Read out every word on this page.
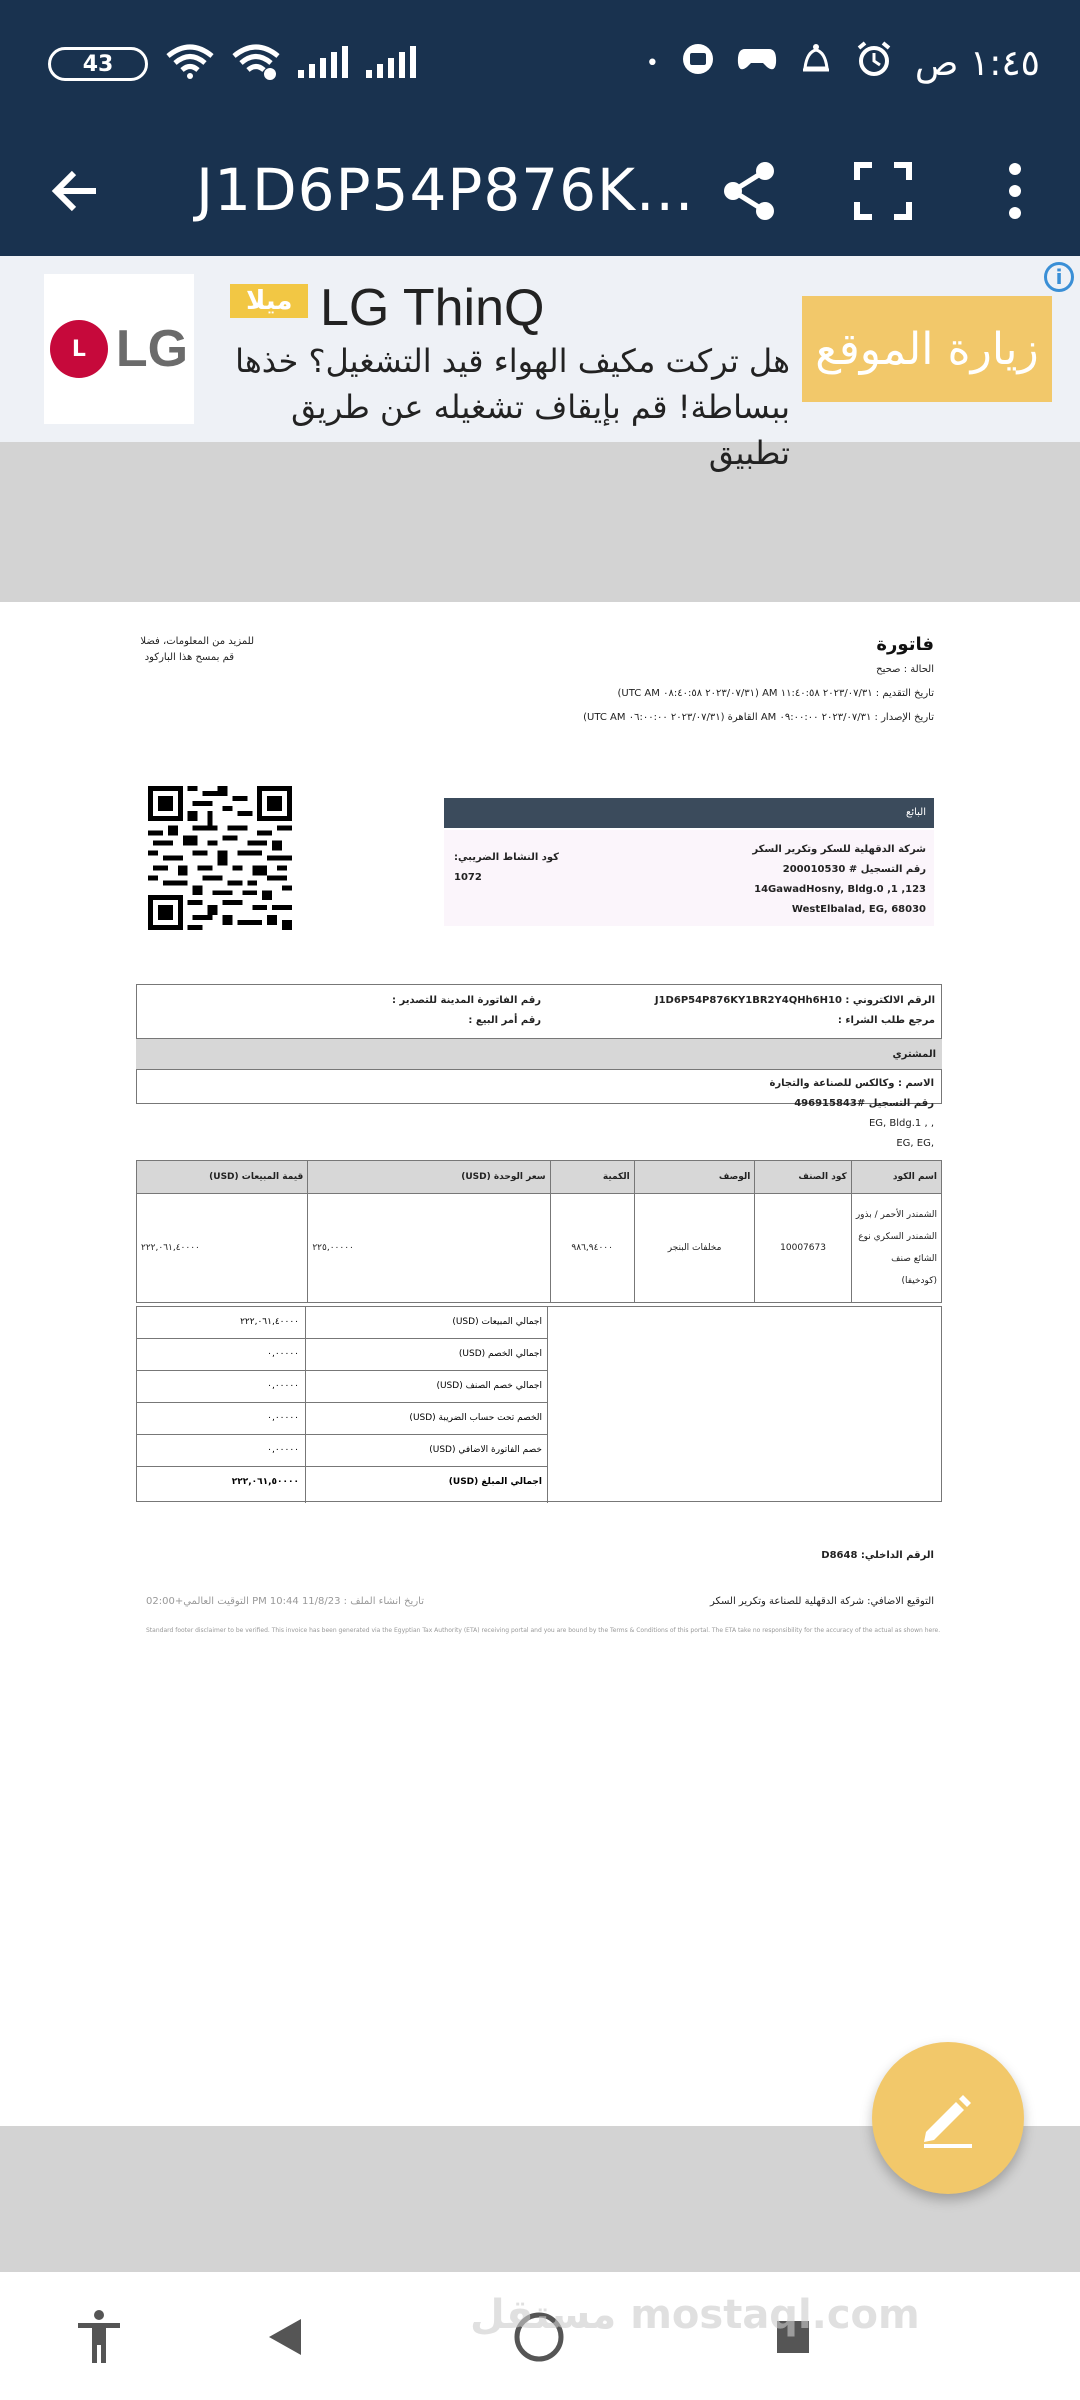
43	•	١:٤٥ ص
J1D6P54P876K...
L LG
ميلا LG ThinQ
هل تركت مكيف الهواء قيد التشغيل؟ خذها
ببساطة! قم بإيقاف تشغيله عن طريق تطبيق
زيارة الموقع
i
فاتورة
الحالة : صحيح
تاريخ التقديم : ٢٠٢٣/٠٧/٣١ ١١:٤٠:٥٨ AM (٢٠٢٣/٠٧/٣١ ٠٨:٤٠:٥٨ UTC AM)
تاريخ الإصدار : ٢٠٢٣/٠٧/٣١ ٠٩:٠٠:٠٠ AM القاهرة (٢٠٢٣/٠٧/٣١ ٠٦:٠٠:٠٠ UTC AM)
للمزيد من المعلومات، فضلا
قم بمسح هذا الباركود
البائع
شركة الدقهلية للسكر وتكرير السكر
رقم التسجيل # 200010530
14GawadHosny, Bldg.0 ,1 ,123
WestElbalad, EG, 68030
كود النشاط الضريبي:
1072
الرقم الالكتروني : J1D6P54P876KY1BR2Y4QHh6H10
مرجع طلب الشراء :
رقم الفاتورة المدينة للتصدير :
رقم أمر البيع :
المشتري
الاسم : وكالكس للصناعة والتجارة
رقم التسجيل #496915843
EG, Bldg.1 , ,
EG, EG,
قيمة المبيعات (USD)	سعر الوحدة (USD)	الكمية	الوصف	كود الصنف	اسم الكود
٢٢٢,٠٦١,٤٠٠٠٠	٢٢٥,٠٠٠٠٠	٩٨٦,٩٤٠٠٠	مخلفات البنجر	10007673	الشمندر الأحمر / بذور الشمندر السكري نوع الشائع صنف (كودخيفا)
اجمالي المبيعات (USD)
٢٢٢,٠٦١,٤٠٠٠٠
اجمالي الخصم (USD)
٠,٠٠٠٠٠
اجمالي خصم الصنف (USD)
٠,٠٠٠٠٠
الخصم تحت حساب الضريبة (USD)
٠,٠٠٠٠٠
خصم الفاتورة الاضافي (USD)
٠,٠٠٠٠٠
اجمالي المبلغ (USD)
٢٢٢,٠٦١,٥٠٠٠٠
الرقم الداخلي: D8648
التوقيع الاضافي: شركة الدقهلية للصناعة وتكرير السكر
تاريخ انشاء الملف : 11/8/23 10:44 PM التوقيت العالمي+02:00
Standard footer disclaimer to be verified. This invoice has been generated via the Egyptian Tax Authority (ETA) receiving portal and you are bound by the Terms & Conditions of this portal. The ETA take no responsibility for the accuracy of the actual as shown here.
مستقل mostaql.com
